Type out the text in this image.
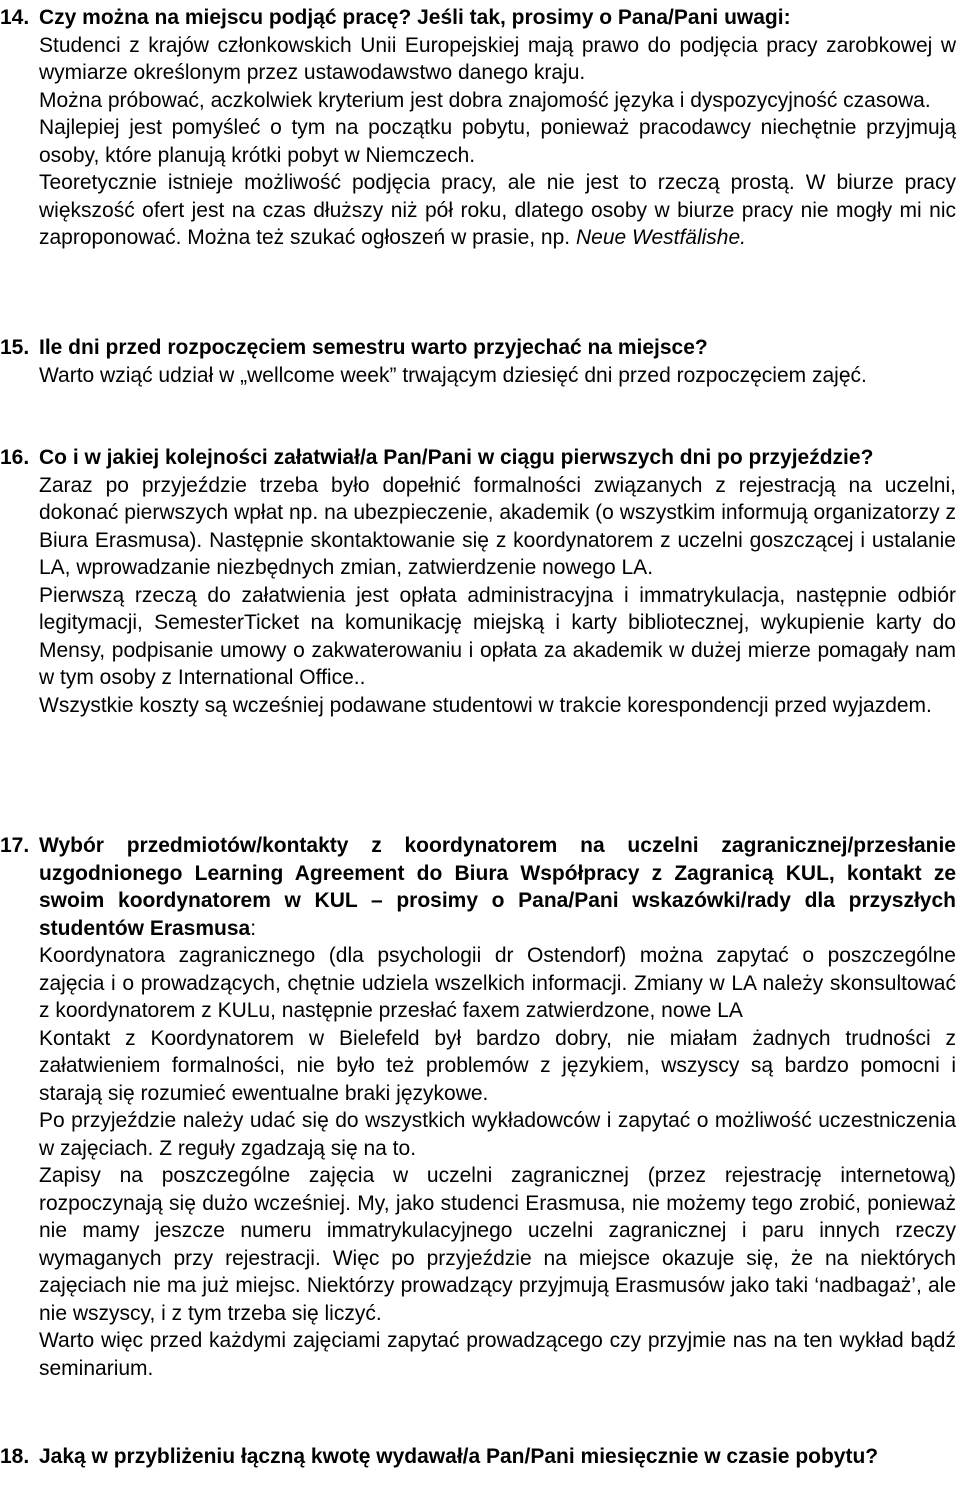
14. Czy można na miejscu podjąć pracę? Jeśli tak, prosimy o Pana/Pani uwagi:

Studenci z krajów członkowskich Unii Europejskiej mają prawo do podjęcia pracy zarobkowej w wymiarze określonym przez ustawodawstwo danego kraju.

Można próbować, aczkolwiek kryterium jest dobra znajomość języka i dyspozycyjność czasowa.

Najlepiej jest pomyśleć o tym na początku pobytu, ponieważ pracodawcy niechętnie przyjmują osoby, które planują krótki pobyt w Niemczech.

Teoretycznie istnieje możliwość podjęcia pracy, ale nie jest to rzeczą prostą. W biurze pracy większość ofert jest na czas dłuższy niż pół roku, dlatego osoby w biurze pracy nie mogły mi nic zaproponować. Można też szukać ogłoszeń w prasie, np. Neue Westfälishe.

15. Ile dni przed rozpoczęciem semestru warto przyjechać na miejsce?

Warto wziąć udział w „wellcome week” trwającym dziesięć dni przed rozpoczęciem zajęć.

16. Co i w jakiej kolejności załatwiał/a Pan/Pani w ciągu pierwszych dni po przyjeździe?

Zaraz po przyjeździe trzeba było dopełnić formalności związanych z rejestracją na uczelni, dokonać pierwszych wpłat np. na ubezpieczenie, akademik (o wszystkim informują organizatorzy z Biura Erasmusa). Następnie skontaktowanie się z koordynatorem z uczelni goszczącej i ustalanie LA, wprowadzanie niezbędnych zmian, zatwierdzenie nowego LA.

Pierwszą rzeczą do załatwienia jest opłata administracyjna i immatrykulacja, następnie odbiór legitymacji, SemesterTicket na komunikację miejską i karty bibliotecznej, wykupienie karty do Mensy, podpisanie umowy o zakwaterowaniu i opłata za akademik w dużej mierze pomagały nam w tym osoby z International Office..

Wszystkie koszty są wcześniej podawane studentowi w trakcie korespondencji przed wyjazdem.

17. Wybór przedmiotów/kontakty z koordynatorem na uczelni zagranicznej/przesłanie uzgodnionego Learning Agreement do Biura Współpracy z Zagranicą KUL, kontakt ze swoim koordynatorem w KUL – prosimy o Pana/Pani wskazówki/rady dla przyszłych studentów Erasmusa:

Koordynatora zagranicznego (dla psychologii dr Ostendorf) można zapytać o poszczególne zajęcia i o prowadzących, chętnie udziela wszelkich informacji. Zmiany w LA należy skonsultować z koordynatorem z KULu, następnie przesłać faxem zatwierdzone, nowe LA

Kontakt z Koordynatorem w Bielefeld był bardzo dobry, nie miałam żadnych trudności z załatwieniem formalności, nie było też problemów z językiem, wszyscy są bardzo pomocni i starają się rozumieć ewentualne braki językowe.

Po przyjeździe należy udać się do wszystkich wykładowców i zapytać o możliwość uczestniczenia w zajęciach. Z reguły zgadzają się na to.

Zapisy na poszczególne zajęcia w uczelni zagranicznej (przez rejestrację internetową) rozpoczynają się dużo wcześniej. My, jako studenci Erasmusa, nie możemy tego zrobić, ponieważ nie mamy jeszcze numeru immatrykulacyjnego uczelni zagranicznej i paru innych rzeczy wymaganych przy rejestracji. Więc po przyjeździe na miejsce okazuje się, że na niektórych zajęciach nie ma już miejsc. Niektórzy prowadzący przyjmują Erasmusów jako taki ‘nadbagaż’, ale nie wszyscy, i z tym trzeba się liczyć.

Warto więc przed każdymi zajęciami zapytać prowadzącego czy przyjmie nas na ten wykład bądź seminarium.

18. Jaką w przybliżeniu łączną kwotę wydawał/a Pan/Pani miesięcznie w czasie pobytu?
